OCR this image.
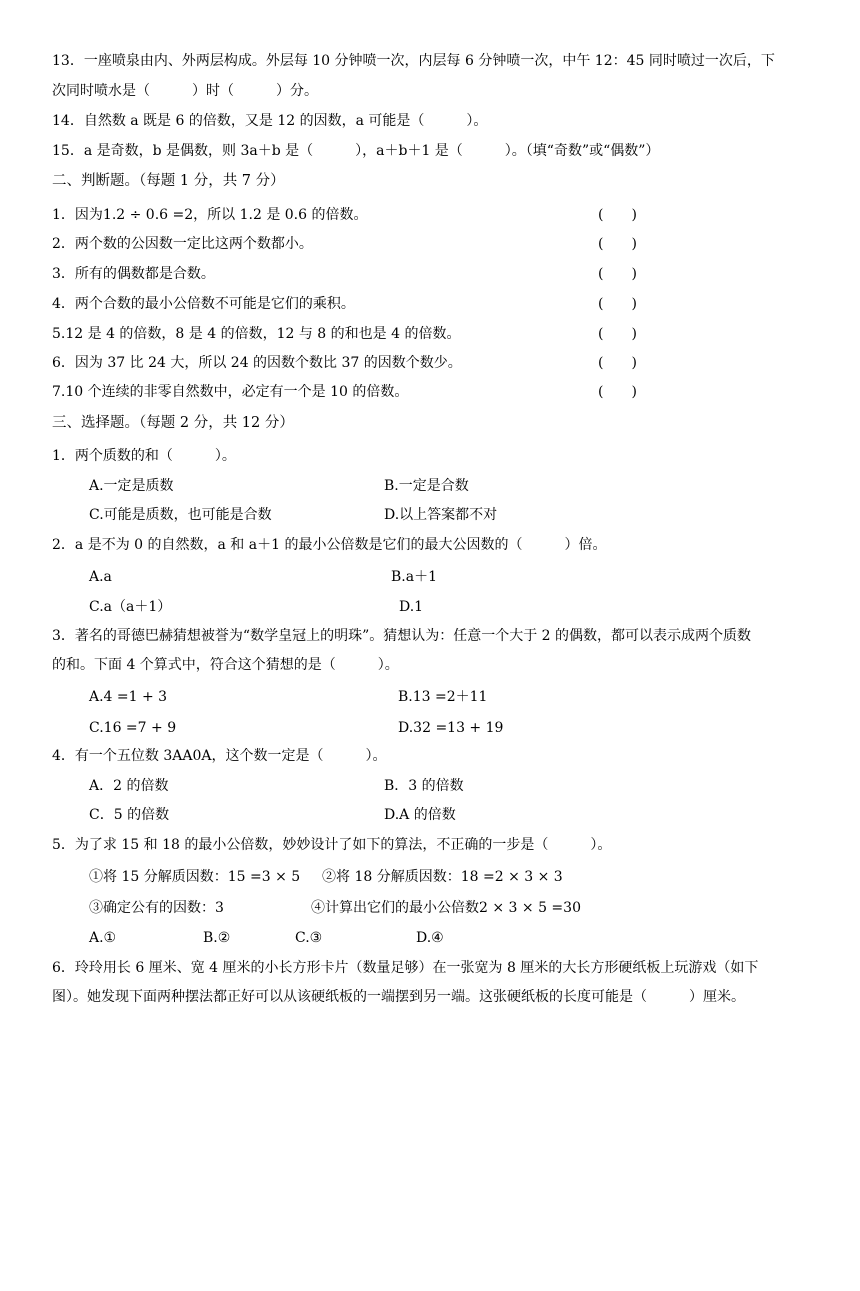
13．一座喷泉由内、外两层构成。外层每 10 分钟喷一次，内层每 6 分钟喷一次，中午 12：45 同时喷过一次后，下
次同时喷水是（　　　）时（　　　）分。
14．自然数 a 既是 6 的倍数，又是 12 的因数，a 可能是（　　　）。
15．a 是奇数，b 是偶数，则 3a＋b 是（　　　），a＋b＋1 是（　　　）。（填“奇数”或“偶数”）
二、判断题。（每题 1 分，共 7 分）
1．因为1.2 ÷ 0.6 =2，所以 1.2 是 0.6 的倍数。	(　　)
2．两个数的公因数一定比这两个数都小。	(　　)
3．所有的偶数都是合数。	(　　)
4．两个合数的最小公倍数不可能是它们的乘积。	(　　)
5.12 是 4 的倍数，8 是 4 的倍数，12 与 8 的和也是 4 的倍数。	(　　)
6．因为 37 比 24 大，所以 24 的因数个数比 37 的因数个数少。	(　　)
7.10 个连续的非零自然数中，必定有一个是 10 的倍数。	(　　)
三、选择题。（每题 2 分，共 12 分）
1．两个质数的和（　　　）。
A.一定是质数	B.一定是合数
C.可能是质数，也可能是合数	D.以上答案都不对
2．a 是不为 0 的自然数，a 和 a＋1 的最小公倍数是它们的最大公因数的（　　　）倍。
A.a	B.a＋1
C.a（a＋1）	D.1
3．著名的哥德巴赫猜想被誉为“数学皇冠上的明珠”。猜想认为：任意一个大于 2 的偶数，都可以表示成两个质数
的和。下面 4 个算式中，符合这个猜想的是（　　　）。
A.4 =1 + 3	B.13 =2＋11
C.16 =7 + 9	D.32 =13 + 19
4．有一个五位数 3AA0A，这个数一定是（　　　）。
A．2 的倍数	B．3 的倍数
C．5 的倍数	D.A 的倍数
5．为了求 15 和 18 的最小公倍数，妙妙设计了如下的算法，不正确的一步是（　　　）。
①将 15 分解质因数：15 =3 × 5 ②将 18 分解质因数：18 =2 × 3 × 3
③确定公有的因数：3	④计算出它们的最小公倍数2 × 3 × 5 =30
A.①	B.②	C.③	D.④
6．玲玲用长 6 厘米、宽 4 厘米的小长方形卡片（数量足够）在一张宽为 8 厘米的大长方形硬纸板上玩游戏（如下
图）。她发现下面两种摆法都正好可以从该硬纸板的一端摆到另一端。这张硬纸板的长度可能是（　　　）厘米。
